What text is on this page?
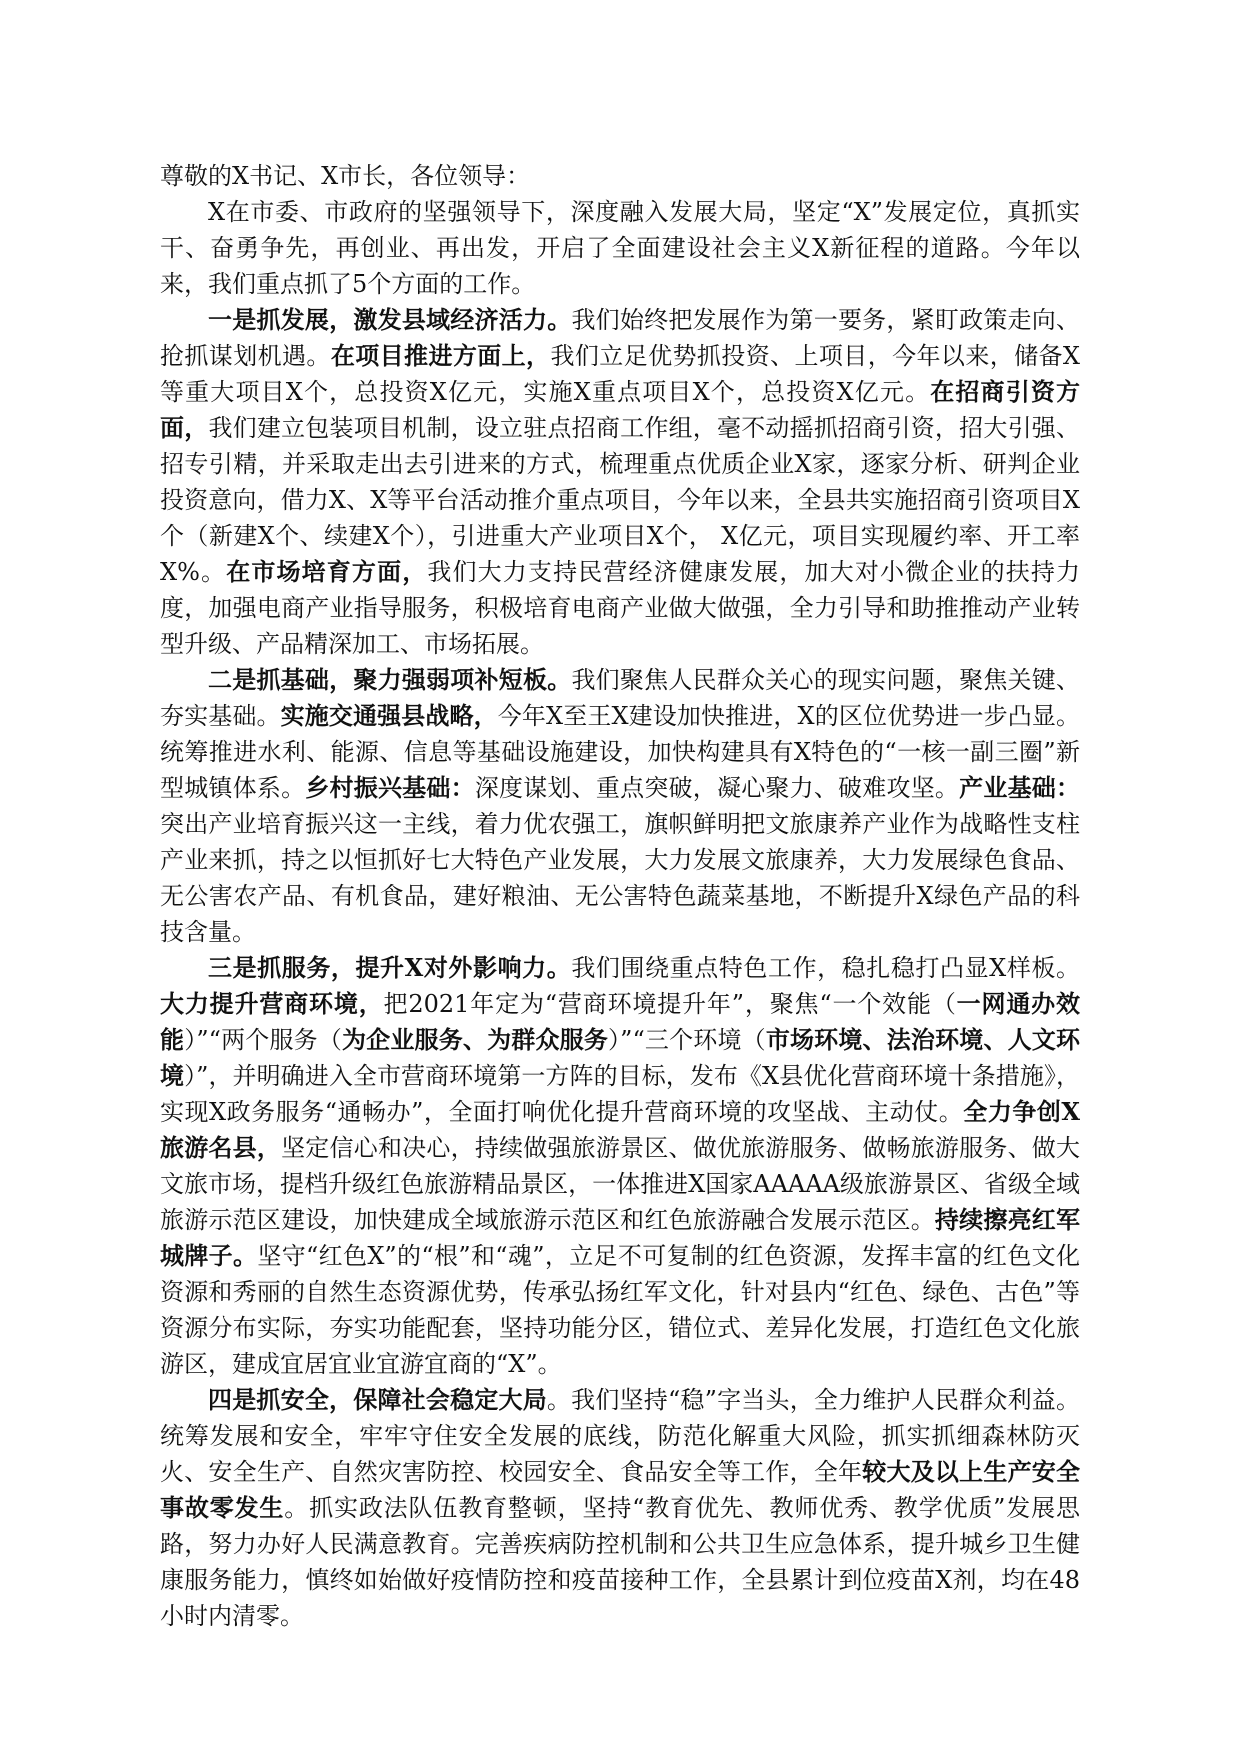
尊敬的X书记、X市长，各位领导：

X在市委、市政府的坚强领导下，深度融入发展大局，坚定“X”发展定位，真抓实干、奋勇争先，再创业、再出发，开启了全面建设社会主义X新征程的道路。今年以来，我们重点抓了5个方面的工作。

一是抓发展，激发县域经济活力。我们始终把发展作为第一要务，紧盯政策走向、抢抓谋划机遇。在项目推进方面上，我们立足优势抓投资、上项目，今年以来，储备X等重大项目X个，总投资X亿元，实施X重点项目X个，总投资X亿元。在招商引资方面，我们建立包装项目机制，设立驻点招商工作组，毫不动摇抓招商引资，招大引强、招专引精，并采取走出去引进来的方式，梳理重点优质企业X家，逐家分析、研判企业投资意向，借力X、X等平台活动推介重点项目，今年以来，全县共实施招商引资项目X个（新建X个、续建X个），引进重大产业项目X个， X亿元，项目实现履约率、开工率X%。在市场培育方面，我们大力支持民营经济健康发展，加大对小微企业的扶持力度，加强电商产业指导服务，积极培育电商产业做大做强，全力引导和助推推动产业转型升级、产品精深加工、市场拓展。

二是抓基础，聚力强弱项补短板。我们聚焦人民群众关心的现实问题，聚焦关键、夯实基础。实施交通强县战略，今年X至王X建设加快推进，X的区位优势进一步凸显。统筹推进水利、能源、信息等基础设施建设，加快构建具有X特色的“一核一副三圈”新型城镇体系。乡村振兴基础：深度谋划、重点突破，凝心聚力、破难攻坚。产业基础：突出产业培育振兴这一主线，着力优农强工，旗帜鲜明把文旅康养产业作为战略性支柱产业来抓，持之以恒抓好七大特色产业发展，大力发展文旅康养，大力发展绿色食品、无公害农产品、有机食品，建好粮油、无公害特色蔬菜基地，不断提升X绿色产品的科技含量。

三是抓服务，提升X对外影响力。我们围绕重点特色工作，稳扎稳打凸显X样板。大力提升营商环境，把2021年定为“营商环境提升年”，聚焦“一个效能（一网通办效能）”“两个服务（为企业服务、为群众服务）”“三个环境（市场环境、法治环境、人文环境）”，并明确进入全市营商环境第一方阵的目标，发布《X县优化营商环境十条措施》，实现X政务服务“通畅办”，全面打响优化提升营商环境的攻坚战、主动仗。全力争创X旅游名县，坚定信心和决心，持续做强旅游景区、做优旅游服务、做畅旅游服务、做大文旅市场，提档升级红色旅游精品景区，一体推进X国家AAAAA级旅游景区、省级全域旅游示范区建设，加快建成全域旅游示范区和红色旅游融合发展示范区。持续擦亮红军城牌子。坚守“红色X”的“根”和“魂”，立足不可复制的红色资源，发挥丰富的红色文化资源和秀丽的自然生态资源优势，传承弘扬红军文化，针对县内“红色、绿色、古色”等资源分布实际，夯实功能配套，坚持功能分区，错位式、差异化发展，打造红色文化旅游区，建成宜居宜业宜游宜商的“X”。

四是抓安全，保障社会稳定大局。我们坚持“稳”字当头，全力维护人民群众利益。统筹发展和安全，牢牢守住安全发展的底线，防范化解重大风险，抓实抓细森林防灭火、安全生产、自然灾害防控、校园安全、食品安全等工作，全年较大及以上生产安全事故零发生。抓实政法队伍教育整顿，坚持“教育优先、教师优秀、教学优质”发展思路，努力办好人民满意教育。完善疾病防控机制和公共卫生应急体系，提升城乡卫生健康服务能力，慎终如始做好疫情防控和疫苗接种工作，全县累计到位疫苗X剂，均在48小时内清零。
